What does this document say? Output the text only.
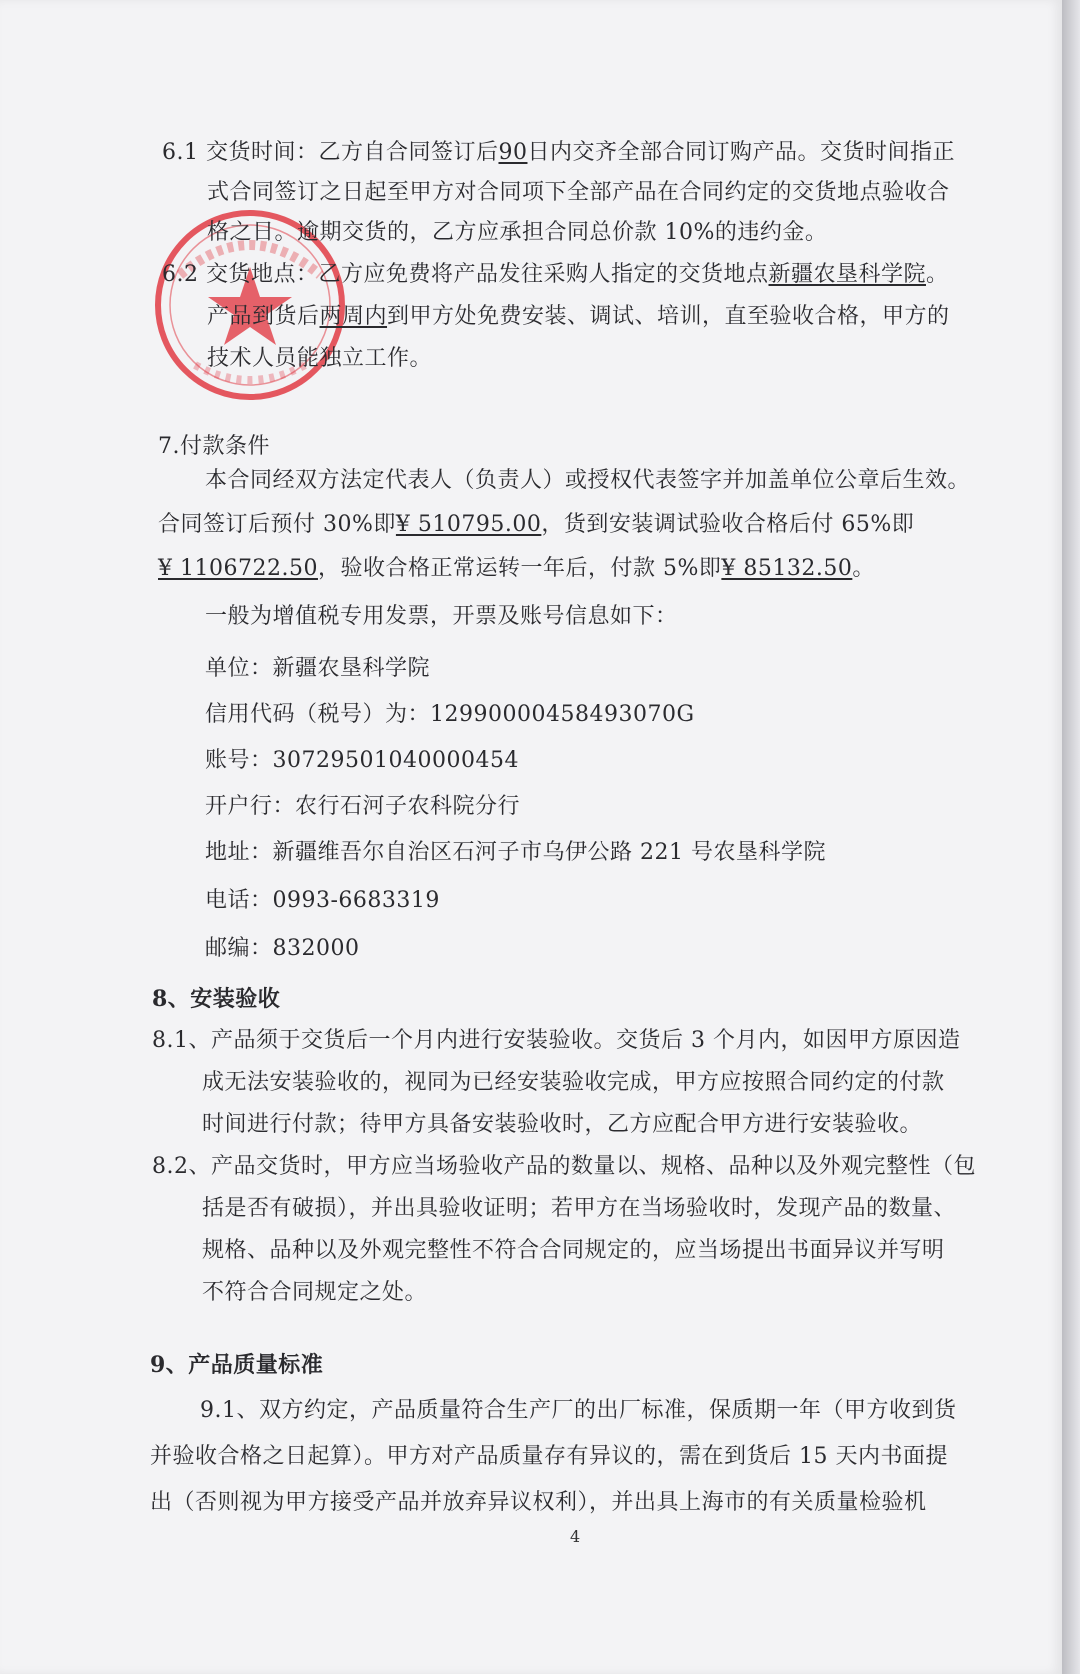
6.1 交货时间：乙方自合同签订后90日内交齐全部合同订购产品。交货时间指正
式合同签订之日起至甲方对合同项下全部产品在合同约定的交货地点验收合
格之日。逾期交货的，乙方应承担合同总价款 10%的违约金。
6.2 交货地点：乙方应免费将产品发往采购人指定的交货地点新疆农垦科学院。
产品到货后两周内到甲方处免费安装、调试、培训，直至验收合格，甲方的
技术人员能独立工作。
7.付款条件
本合同经双方法定代表人（负责人）或授权代表签字并加盖单位公章后生效。
合同签订后预付 30%即¥ 510795.00，货到安装调试验收合格后付 65%即
¥ 1106722.50，验收合格正常运转一年后，付款 5%即¥ 85132.50。
一般为增值税专用发票，开票及账号信息如下：
单位：新疆农垦科学院
信用代码（税号）为：12990000458493070G
账号：30729501040000454
开户行：农行石河子农科院分行
地址：新疆维吾尔自治区石河子市乌伊公路 221 号农垦科学院
电话：0993-6683319
邮编：832000
8、安装验收
8.1、产品须于交货后一个月内进行安装验收。交货后 3 个月内，如因甲方原因造
成无法安装验收的，视同为已经安装验收完成，甲方应按照合同约定的付款
时间进行付款；待甲方具备安装验收时，乙方应配合甲方进行安装验收。
8.2、产品交货时，甲方应当场验收产品的数量以、规格、品种以及外观完整性（包
括是否有破损），并出具验收证明；若甲方在当场验收时，发现产品的数量、
规格、品种以及外观完整性不符合合同规定的，应当场提出书面异议并写明
不符合合同规定之处。
9、产品质量标准
9.1、双方约定，产品质量符合生产厂的出厂标准，保质期一年（甲方收到货
并验收合格之日起算）。甲方对产品质量存有异议的，需在到货后 15 天内书面提
出（否则视为甲方接受产品并放弃异议权利），并出具上海市的有关质量检验机
4
